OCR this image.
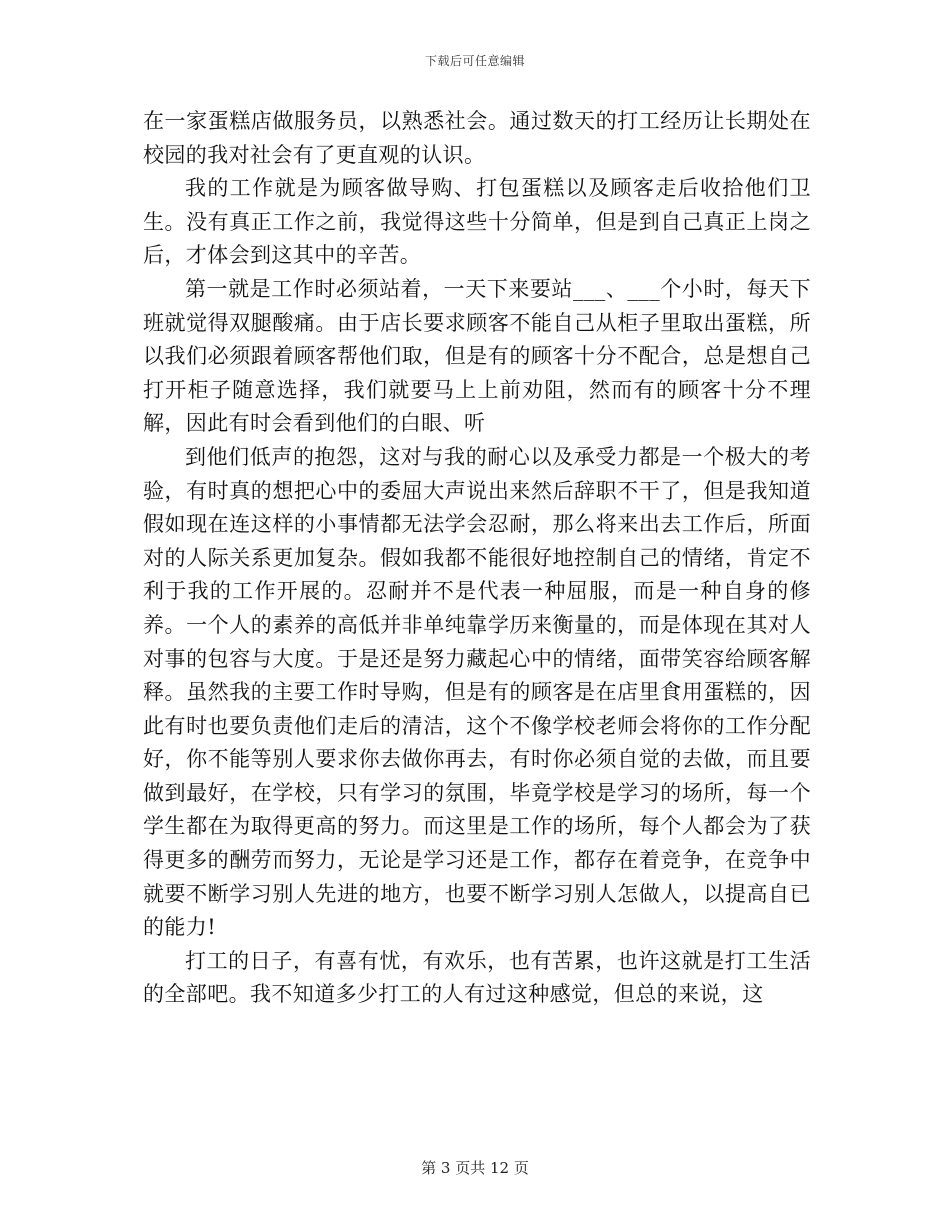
下载后可任意编辑

在一家蛋糕店做服务员，以熟悉社会。通过数天的打工经历让长期处在校园的我对社会有了更直观的认识。

我的工作就是为顾客做导购、打包蛋糕以及顾客走后收拾他们卫生。没有真正工作之前，我觉得这些十分简单，但是到自己真正上岗之后，才体会到这其中的辛苦。

第一就是工作时必须站着，一天下来要站___、___个小时，每天下班就觉得双腿酸痛。由于店长要求顾客不能自己从柜子里取出蛋糕，所以我们必须跟着顾客帮他们取，但是有的顾客十分不配合，总是想自己打开柜子随意选择，我们就要马上上前劝阻，然而有的顾客十分不理解，因此有时会看到他们的白眼、听

到他们低声的抱怨，这对与我的耐心以及承受力都是一个极大的考验，有时真的想把心中的委屈大声说出来然后辞职不干了，但是我知道假如现在连这样的小事情都无法学会忍耐，那么将来出去工作后，所面对的人际关系更加复杂。假如我都不能很好地控制自己的情绪，肯定不利于我的工作开展的。忍耐并不是代表一种屈服，而是一种自身的修养。一个人的素养的高低并非单纯靠学历来衡量的，而是体现在其对人对事的包容与大度。于是还是努力藏起心中的情绪，面带笑容给顾客解释。虽然我的主要工作时导购，但是有的顾客是在店里食用蛋糕的，因此有时也要负责他们走后的清洁，这个不像学校老师会将你的工作分配好，你不能等别人要求你去做你再去，有时你必须自觉的去做，而且要做到最好，在学校，只有学习的氛围，毕竟学校是学习的场所，每一个学生都在为取得更高的努力。而这里是工作的场所，每个人都会为了获得更多的酬劳而努力，无论是学习还是工作，都存在着竞争，在竞争中就要不断学习别人先进的地方，也要不断学习别人怎做人，以提高自已的能力!

打工的日子，有喜有忧，有欢乐，也有苦累，也许这就是打工生活的全部吧。我不知道多少打工的人有过这种感觉，但总的来说，这

第 3 页共 12 页
